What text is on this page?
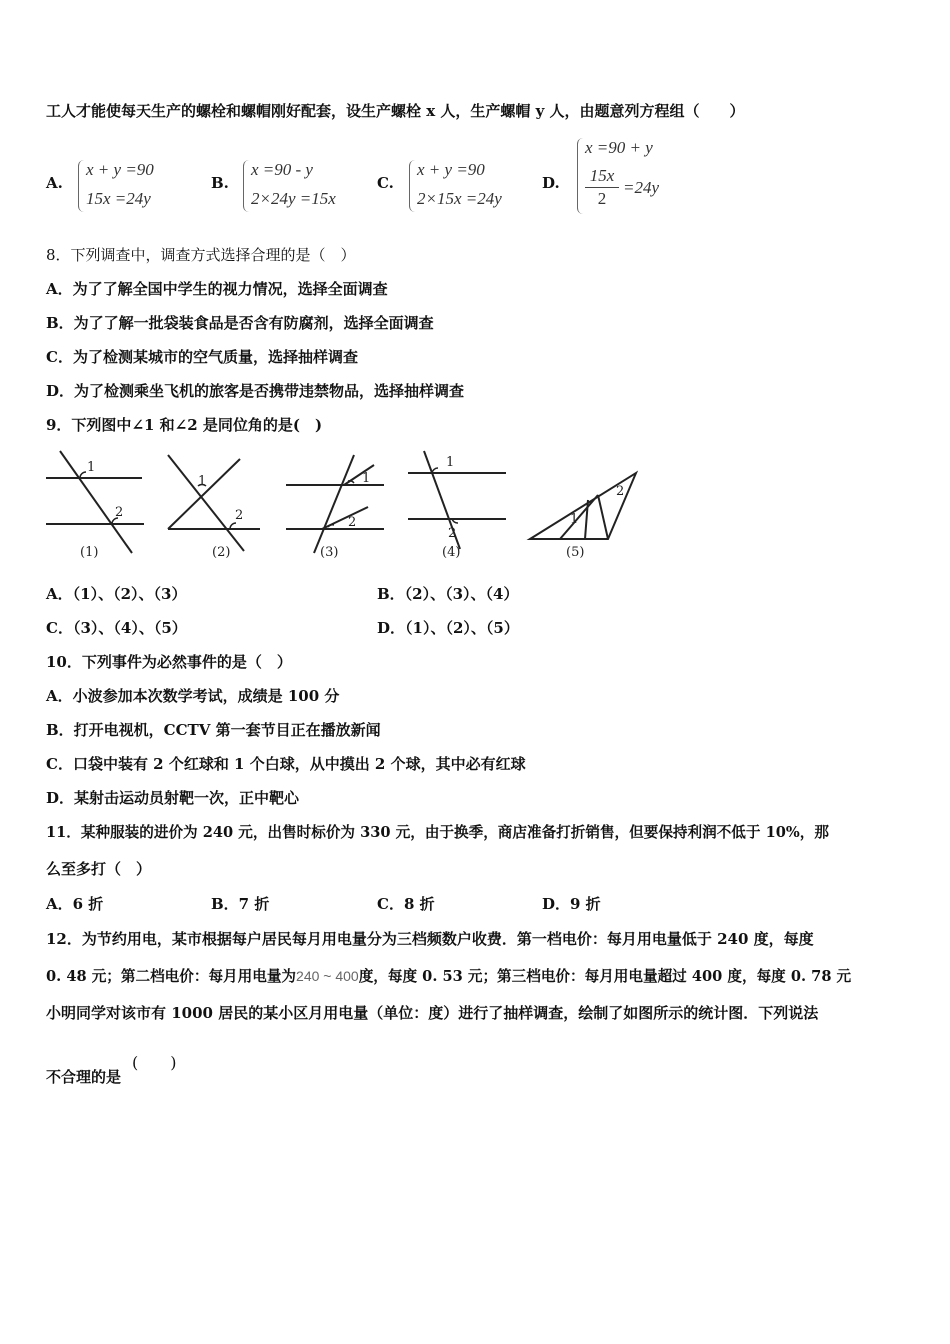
工人才能使每天生产的螺栓和螺帽刚好配套，设生产螺栓 x 人，生产螺帽 y 人，由题意列方程组（　　）
A.
x + y =90
15x =24y
B.
x =90 - y
2×24y =15x
C.
x + y =90
2×15x =24y
D.
x =90 + y
15x
2
=24y
8．下列调查中，调查方式选择合理的是（　）
A．为了了解全国中学生的视力情况，选择全面调查
B．为了了解一批袋装食品是否含有防腐剂，选择全面调查
C．为了检测某城市的空气质量，选择抽样调查
D．为了检测乘坐飞机的旅客是否携带违禁物品，选择抽样调查
9．下列图中∠1 和∠2 是同位角的是(　)
1
2
(1)
1
2
(2)
1
2
(3)
1
2
(4)
1
2
(5)
A．（1）、（2）、（3）	B．（2）、（3）、（4）
C．（3）、（4）、（5）	D．（1）、（2）、（5）
10．下列事件为必然事件的是（　）
A．小波参加本次数学考试，成绩是 100 分
B．打开电视机，CCTV 第一套节目正在播放新闻
C．口袋中装有 2 个红球和 1 个白球，从中摸出 2 个球，其中必有红球
D．某射击运动员射靶一次，正中靶心
11．某种服装的进价为 240 元，出售时标价为 330 元，由于换季，商店准备打折销售，但要保持利润不低于 10%，那
么至多打（　）
A．6 折	B．7 折	C．8 折	D．9 折
12．为节约用电，某市根据每户居民每月用电量分为三档频数户收费．第一档电价：每月用电量低于 240 度，每度
0. 48 元；第二档电价：每月用电量为240 ~ 400度，每度 0. 53 元；第三档电价：每月用电量超过 400 度，每度 0. 78 元
小明同学对该市有 1000 居民的某小区月用电量（单位：度）进行了抽样调查，绘制了如图所示的统计图．下列说法
不合理的是
(　　)
